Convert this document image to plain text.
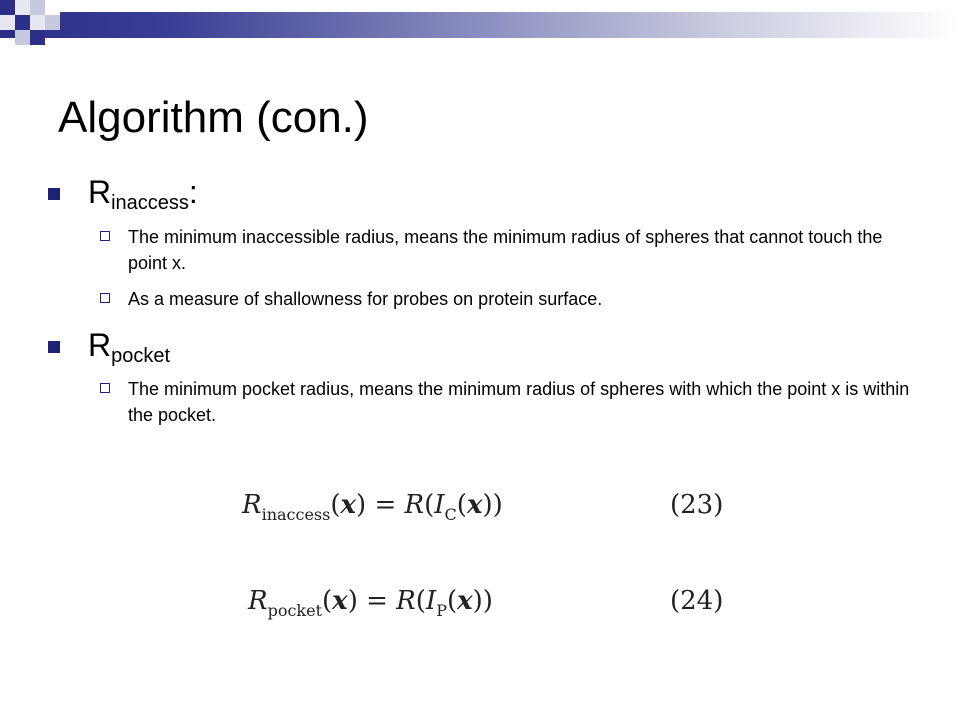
Algorithm (con.)
$R_{inaccess}$:
The minimum inaccessible radius, means the minimum radius of spheres that cannot touch the point x.
As a measure of shallowness for probes on protein surface.
$R_{pocket}$
The minimum pocket radius, means the minimum radius of spheres with which the point x is within the pocket.
$R_{inaccess}(x) = R(I_C(x))$	(23)
$R_{pocket}(x) = R(I_P(x))$	(24)
